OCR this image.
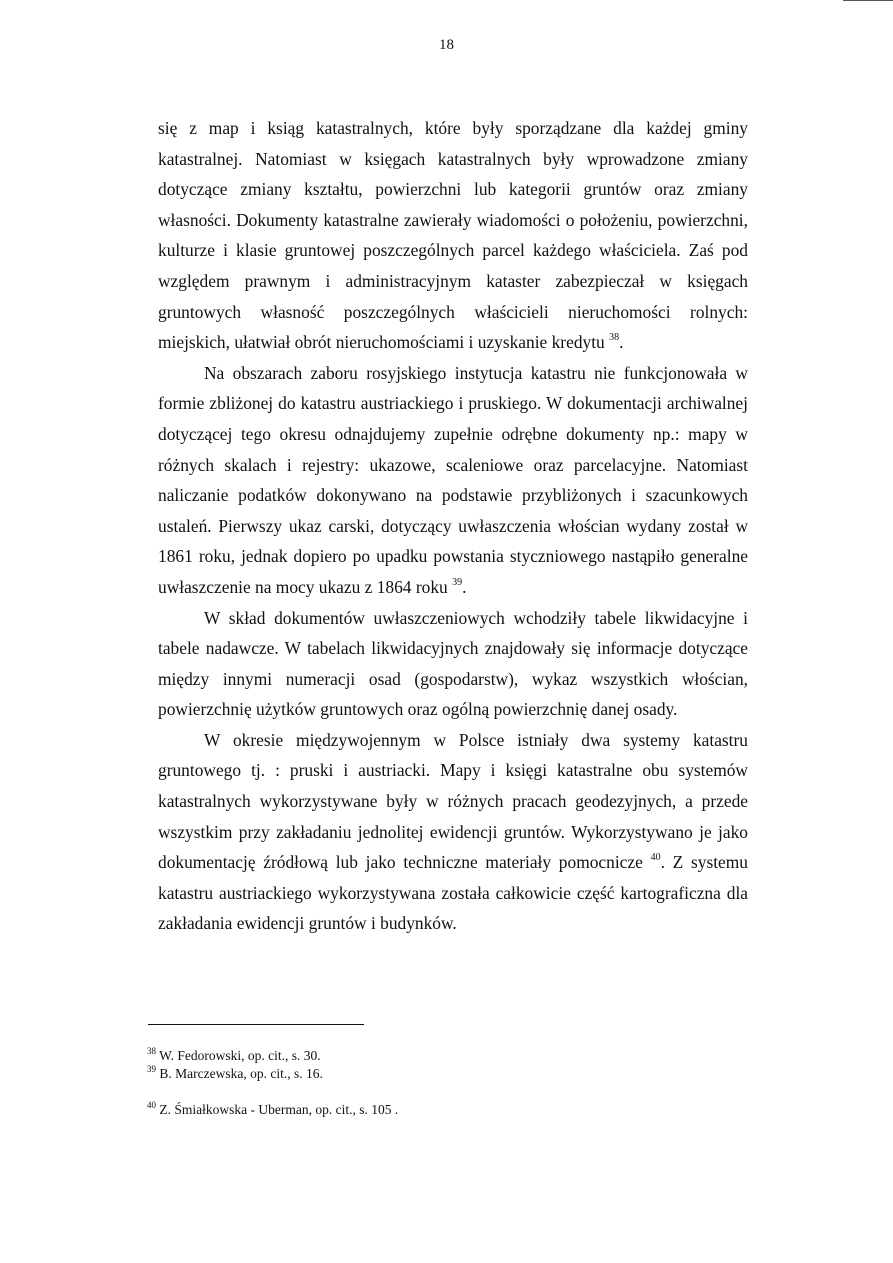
18

się z map i ksiąg katastralnych, które były sporządzane dla każdej gminy katastralnej. Natomiast w księgach katastralnych były wprowadzone zmiany dotyczące zmiany kształtu, powierzchni lub kategorii gruntów oraz zmiany własności. Dokumenty katastralne zawierały wiadomości o położeniu, powierzchni, kulturze i klasie gruntowej poszczególnych parcel każdego właściciela. Zaś pod względem prawnym i administracyjnym kataster zabezpieczał w księgach gruntowych własność poszczególnych właścicieli nieruchomości rolnych: miejskich, ułatwiał obrót nieruchomościami i uzyskanie kredytu $^{38}$.

Na obszarach zaboru rosyjskiego instytucja katastru nie funkcjonowała w formie zbliżonej do katastru austriackiego i pruskiego. W dokumentacji archiwalnej dotyczącej tego okresu odnajdujemy zupełnie odrębne dokumenty np.: mapy w różnych skalach i rejestry: ukazowe, scaleniowe oraz parcelacyjne. Natomiast naliczanie podatków dokonywano na podstawie przybliżonych i szacunkowych ustaleń. Pierwszy ukaz carski, dotyczący uwłaszczenia włościan wydany został w 1861 roku, jednak dopiero po upadku powstania styczniowego nastąpiło generalne uwłaszczenie na mocy ukazu z 1864 roku $^{39}$.

W skład dokumentów uwłaszczeniowych wchodziły tabele likwidacyjne i tabele nadawcze. W tabelach likwidacyjnych znajdowały się informacje dotyczące między innymi numeracji osad (gospodarstw), wykaz wszystkich włościan, powierzchnię użytków gruntowych oraz ogólną powierzchnię danej osady.

W okresie międzywojennym w Polsce istniały dwa systemy katastru gruntowego tj. : pruski i austriacki. Mapy i księgi katastralne obu systemów katastralnych wykorzystywane były w różnych pracach geodezyjnych, a przede wszystkim przy zakładaniu jednolitej ewidencji gruntów. Wykorzystywano je jako dokumentację źródłową lub jako techniczne materiały pomocnicze $^{40}$. Z systemu katastru austriackiego wykorzystywana została całkowicie część kartograficzna dla zakładania ewidencji gruntów i budynków.

$^{38}$ W. Fedorowski, op. cit., s. 30.
$^{39}$ B. Marczewska, op. cit., s. 16.
$^{40}$ Z. Śmiałkowska - Uberman, op. cit., s. 105 .
